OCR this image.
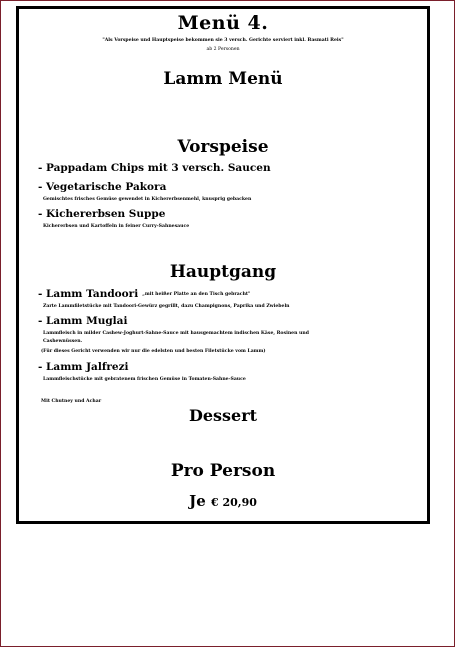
Menü 4.
"Als Vorspeise und Hauptspeise bekommen sie 3 versch. Gerichte serviert inkl. Basmati Reis"
ab 2 Personen
Lamm Menü
Vorspeise
- Pappadam Chips mit 3 versch. Saucen
- Vegetarische Pakora
Gemischtes frisches Gemüse gewendet in Kichererbsenmehl, knusprig gebacken
- Kichererbsen Suppe
Kichererbsen und Kartoffeln in feiner Curry-Sahnesauce
Hauptgang
- Lamm Tandoori „mit heißer Platte an den Tisch gebracht"
Zarte Lammfiletstücke mit Tandoori-Gewürz gegrillt, dazu Champignons, Paprika und Zwiebeln
- Lamm Muglai
Lammfleisch in milder Cashew-Joghurt-Sahne-Sauce mit hausgemachtem indischen Käse, Rosinen und Cashewnüssen.
(Für dieses Gericht verwenden wir nur die edelsten und besten Filetstücke vom Lamm)
- Lamm Jalfrezi
Lammfleischstücke mit gebratenem frischen Gemüse in Tomaten-Sahne-Sauce
Mit Chutney und Achar
Dessert
Pro Person
Je € 20,90
